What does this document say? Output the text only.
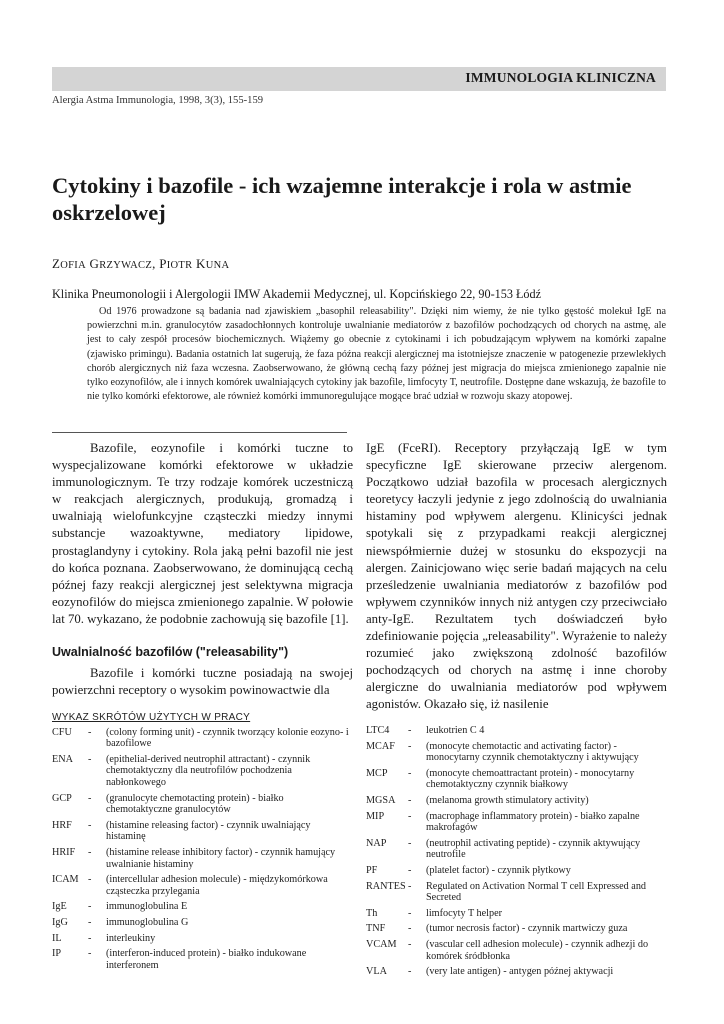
IMMUNOLOGIA KLINICZNA
Alergia Astma Immunologia, 1998, 3(3), 155-159
Cytokiny i bazofile - ich wzajemne interakcje i rola w astmie oskrzelowej
ZOFIA GRZYWACZ, PIOTR KUNA
Klinika Pneumonologii i Alergologii IMW Akademii Medycznej, ul. Kopcińskiego 22, 90-153 Łódź

Od 1976 prowadzone są badania nad zjawiskiem „basophil releasability". Dzięki nim wiemy, że nie tylko gęstość molekuł IgE na powierzchni m.in. granulocytów zasadochłonnych kontroluje uwalnianie mediatorów z bazofilów pochodzących od chorych na astmę, ale jest to cały zespół procesów biochemicznych. Wiążemy go obecnie z cytokinami i ich pobudzającym wpływem na komórki zapalne (zjawisko primingu). Badania ostatnich lat sugerują, że faza późna reakcji alergicznej ma istotniejsze znaczenie w patogenezie przewlekłych chorób alergicznych niż faza wczesna. Zaobserwowano, że główną cechą fazy późnej jest migracja do miejsca zmienionego zapalnie nie tylko eozynofilów, ale i innych komórek uwalniających cytokiny jak bazofile, limfocyty T, neutrofile. Dostępne dane wskazują, że bazofile to nie tylko komórki efektorowe, ale również komórki immunoregulujące mogące brać udział w rozwoju skazy atopowej.

Bazofile, eozynofile i komórki tuczne to wyspecjalizowane komórki efektorowe w układzie immunologicznym. Te trzy rodzaje komórek uczestniczą w reakcjach alergicznych, produkują, gromadzą i uwalniają wielofunkcyjne cząsteczki miedzy innymi substancje wazoaktywne, mediatory lipidowe, prostaglandyny i cytokiny. Rola jaką pełni bazofil nie jest do końca poznana. Zaobserwowano, że dominującą cechą późnej fazy reakcji alergicznej jest selektywna migracja eozynofilów do miejsca zmienionego zapalnie. W połowie lat 70. wykazano, że podobnie zachowują się bazofile [1].

Uwalnialność bazofilów ("releasability")

Bazofile i komórki tuczne posiadają na swojej powierzchni receptory o wysokim powinowactwie dla

IgE (FceRI). Receptory przyłączają IgE w tym specyficzne IgE skierowane przeciw alergenom. Początkowo udział bazofila w procesach alergicznych teoretycy łaczyli jedynie z jego zdolnością do uwalniania histaminy pod wpływem alergenu. Klinicyści jednak spotykali się z przypadkami reakcji alergicznej niewspółmiernie dużej w stosunku do ekspozycji na alergen. Zainicjowano więc serie badań mających na celu prześledzenie uwalniania mediatorów z bazofilów pod wpływem czynników innych niż antygen czy przeciwciało anty-IgE. Rezultatem tych doświadczeń było zdefiniowanie pojęcia „releasability". Wyrażenie to należy rozumieć jako zwiększoną zdolność bazofilów pochodzących od chorych na astmę i inne choroby alergiczne do uwalniania mediatorów pod wpływem agonistów. Okazało się, iż nasilenie

WYKAZ SKRÓTÓW UŻYTYCH W PRACY
CFU	-	(colony forming unit) - czynnik tworzący kolonie eozyno- i bazofilowe
ENA	-	(epithelial-derived neutrophil attractant) - czynnik chemotaktyczny dla neutrofilów pochodzenia nabłonkowego
GCP	-	(granulocyte chemotacting protein) - białko chemotaktyczne granulocytów
HRF	-	(histamine releasing factor) - czynnik uwalniający histaminę
HRIF	-	(histamine release inhibitory factor) - czynnik hamujący uwalnianie histaminy
ICAM -	(intercellular adhesion molecule) - międzykomórkowa cząsteczka przylegania
IgE	-	immunoglobulina E
IgG	-	immunoglobulina G
IL	-	interleukiny
IP	-	(interferon-induced protein) - białko indukowane interferonem
LTC4	-	leukotrien C 4
MCAF	-	(monocyte chemotactic and activating factor) - monocytarny czynnik chemotaktyczny i aktywujący
MCP	-	(monocyte chemoattractant protein) - monocytarny chemotaktyczny czynnik białkowy
MGSA	-	(melanoma growth stimulatory activity)
MIP	-	(macrophage inflammatory protein) - białko zapalne makrofagów
NAP	-	(neutrophil activating peptide) - czynnik aktywujący neutrofile
PF	-	(platelet factor) - czynnik płytkowy
RANTES -	Regulated on Activation Normal T cell Expressed and Secreted
Th	-	limfocyty T helper
TNF	-	(tumor necrosis factor) - czynnik martwiczy guza
VCAM	-	(vascular cell adhesion molecule) - czynnik adhezji do komórek śródbłonka
VLA	-	(very late antigen) - antygen późnej aktywacji
